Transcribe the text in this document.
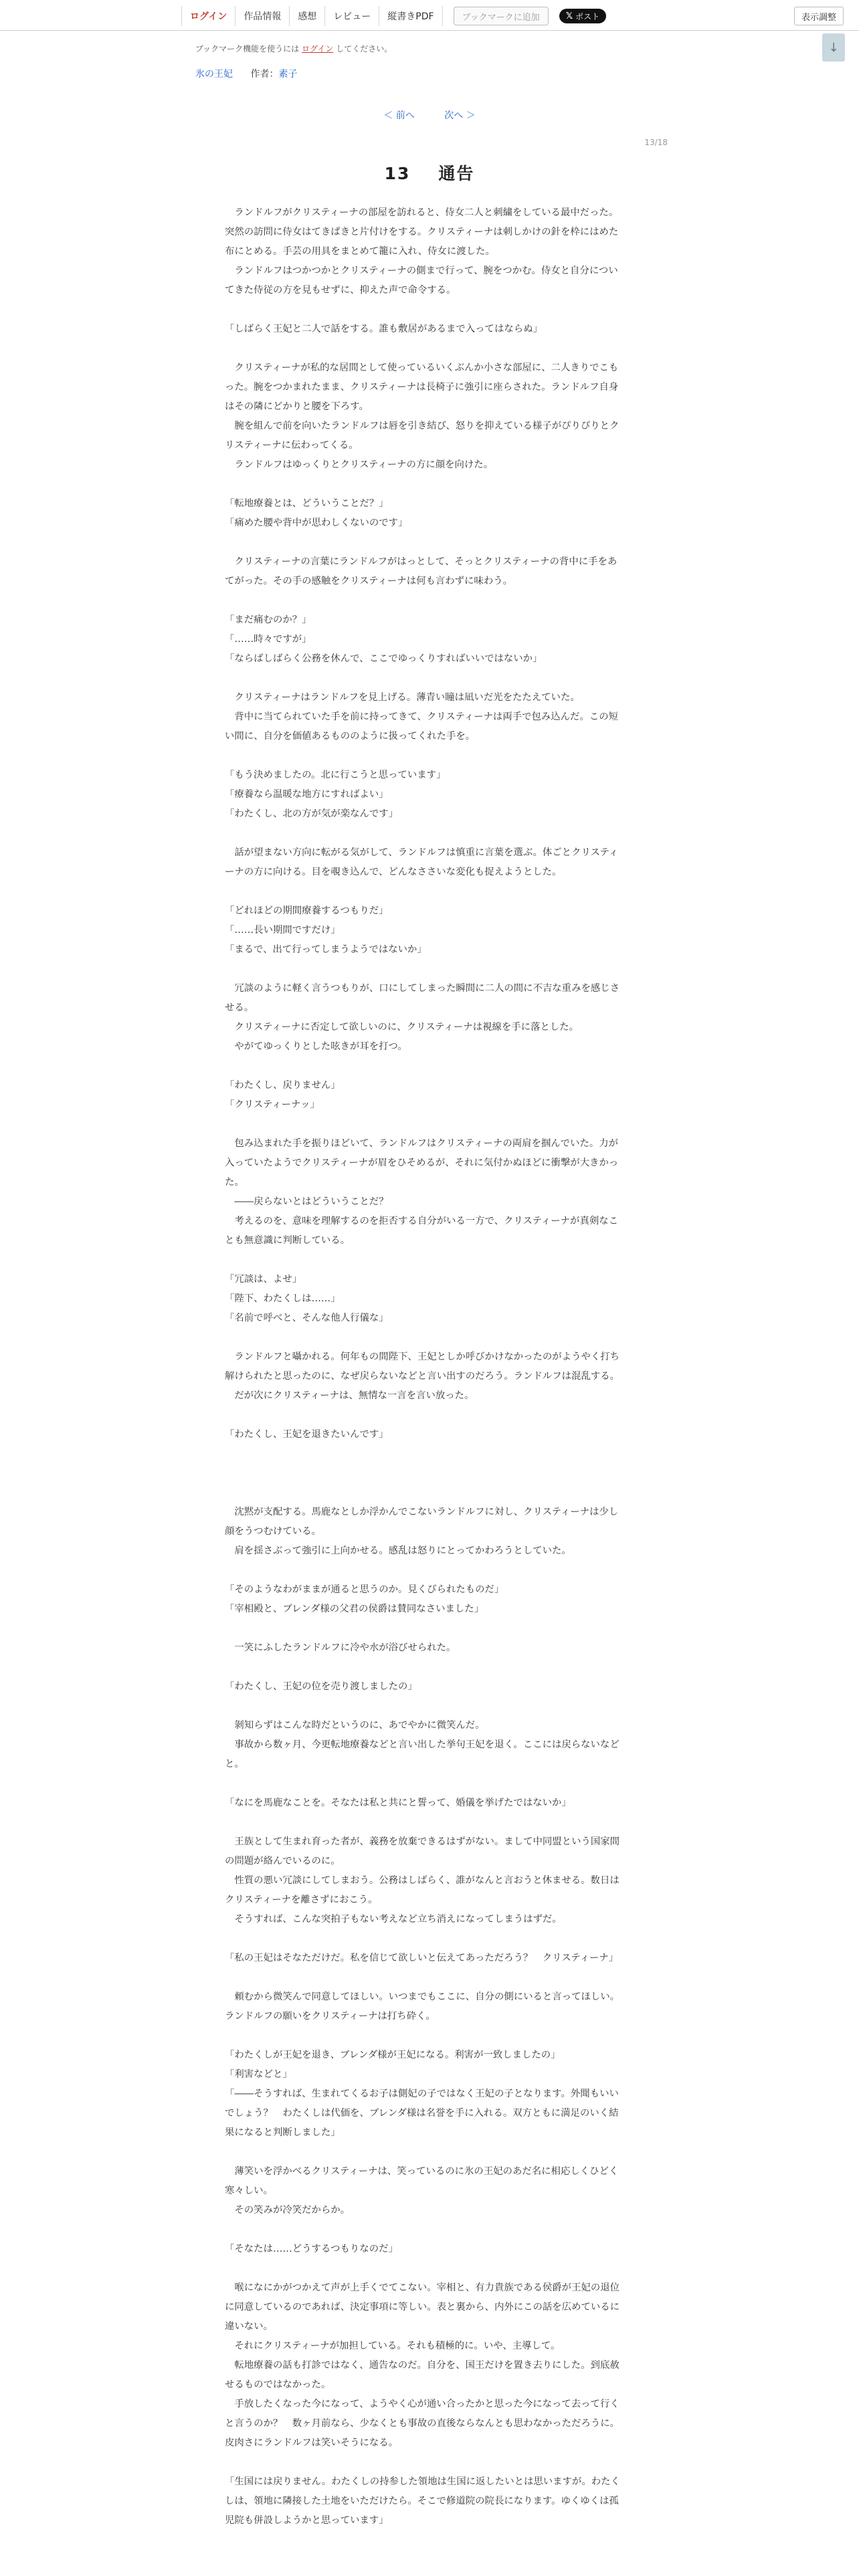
ログイン	作品情報	感想	レビュー	縦書きPDF	ブックマークに追加	𝕏 ポスト	表示調整
ブックマーク機能を使うには ログイン してください。	↓
氷の王妃 作者：素子
＜ 前へ	次へ ＞
13/18
13 通告

　ランドルフがクリスティーナの部屋を訪れると、侍女二人と刺繍をしている最中だった。突然の訪問に侍女はてきぱきと片付けをする。クリスティーナは刺しかけの針を枠にはめた布にとめる。手芸の用具をまとめて籠に入れ、侍女に渡した。

　ランドルフはつかつかとクリスティーナの側まで行って、腕をつかむ。侍女と自分についてきた侍従の方を見もせずに、抑えた声で命令する。

「しばらく王妃と二人で話をする。誰も敷居があるまで入ってはならぬ」

　クリスティーナが私的な居間として使っているいくぶんか小さな部屋に、二人きりでこもった。腕をつかまれたまま、クリスティーナは長椅子に強引に座らされた。ランドルフ自身はその隣にどかりと腰を下ろす。

　腕を組んで前を向いたランドルフは唇を引き結び、怒りを抑えている様子がぴりぴりとクリスティーナに伝わってくる。

　ランドルフはゆっくりとクリスティーナの方に顔を向けた。

「転地療養とは、どういうことだ？」

「痛めた腰や背中が思わしくないのです」

　クリスティーナの言葉にランドルフがはっとして、そっとクリスティーナの背中に手をあてがった。その手の感触をクリスティーナは何も言わずに味わう。

「まだ痛むのか？」

「……時々ですが」

「ならばしばらく公務を休んで、ここでゆっくりすればいいではないか」

　クリスティーナはランドルフを見上げる。薄青い瞳は凪いだ光をたたえていた。

　背中に当てられていた手を前に持ってきて、クリスティーナは両手で包み込んだ。この短い間に、自分を価値あるもののように扱ってくれた手を。

「もう決めましたの。北に行こうと思っています」

「療養なら温暖な地方にすればよい」

「わたくし、北の方が気が楽なんです」

　話が望まない方向に転がる気がして、ランドルフは慎重に言葉を選ぶ。体ごとクリスティーナの方に向ける。目を覗き込んで、どんなささいな変化も捉えようとした。

「どれほどの期間療養するつもりだ」

「……長い期間ですだけ」

「まるで、出て行ってしまうようではないか」

　冗談のように軽く言うつもりが、口にしてしまった瞬間に二人の間に不吉な重みを感じさせる。

　クリスティーナに否定して欲しいのに、クリスティーナは視線を手に落とした。

　やがてゆっくりとした呟きが耳を打つ。

「わたくし、戻りません」

「クリスティーナッ」

　包み込まれた手を振りほどいて、ランドルフはクリスティーナの両肩を掴んでいた。力が入っていたようでクリスティーナが眉をひそめるが、それに気付かぬほどに衝撃が大きかった。

　――戻らないとはどういうことだ？

　考えるのを、意味を理解するのを拒否する自分がいる一方で、クリスティーナが真剣なことも無意識に判断している。

「冗談は、よせ」

「陛下、わたくしは……」

「名前で呼べと、そんな他人行儀な」

　ランドルフと囁かれる。何年もの間陛下、王妃としか呼びかけなかったのがようやく打ち解けられたと思ったのに、なぜ戻らないなどと言い出すのだろう。ランドルフは混乱する。

　だが次にクリスティーナは、無情な一言を言い放った。

「わたくし、王妃を退きたいんです」

　沈黙が支配する。馬鹿なとしか浮かんでこないランドルフに対し、クリスティーナは少し顔をうつむけている。

　肩を揺さぶって強引に上向かせる。感乱は怒りにとってかわろうとしていた。

「そのようなわがままが通ると思うのか。見くびられたものだ」

「宰相殿と、ブレンダ様の父君の侯爵は賛同なさいました」

　一笑にふしたランドルフに冷や水が浴びせられた。

「わたくし、王妃の位を売り渡しましたの」

　剝知らずはこんな時だというのに、あでやかに微笑んだ。

　事故から数ヶ月、今更転地療養などと言い出した挙句王妃を退く。ここには戻らないなどと。

「なにを馬鹿なことを。そなたは私と共にと誓って、婚儀を挙げたではないか」

　王族として生まれ育った者が、義務を放棄できるはずがない。まして中同盟という国家間の問題が絡んでいるのに。

　性質の悪い冗談にしてしまおう。公務はしばらく、誰がなんと言おうと休ませる。数日はクリスティーナを離さずにおこう。

　そうすれば、こんな突拍子もない考えなど立ち消えになってしまうはずだ。

「私の王妃はそなただけだ。私を信じて欲しいと伝えてあっただろう？　クリスティーナ」

　頼むから微笑んで同意してほしい。いつまでもここに、自分の側にいると言ってほしい。ランドルフの願いをクリスティーナは打ち砕く。

「わたくしが王妃を退き、ブレンダ様が王妃になる。利害が一致しましたの」

「利害などと」

「――そうすれば、生まれてくるお子は側妃の子ではなく王妃の子となります。外聞もいいでしょう？　わたくしは代価を、ブレンダ様は名誉を手に入れる。双方ともに満足のいく結果になると判断しました」

　薄笑いを浮かべるクリスティーナは、笑っているのに氷の王妃のあだ名に相応しくひどく寒々しい。

　その笑みが冷笑だからか。

「そなたは……どうするつもりなのだ」

　喉になにかがつかえて声が上手くでてこない。宰相と、有力貴族である侯爵が王妃の退位に同意しているのであれば、決定事項に等しい。表と裏から、内外にこの話を広めているに違いない。

　それにクリスティーナが加担している。それも積極的に。いや、主導して。

　転地療養の話も打診ではなく、通告なのだ。自分を、国王だけを置き去りにした。到底赦せるものではなかった。

　手放したくなった今になって、ようやく心が通い合ったかと思った今になって去って行くと言うのか？　数ヶ月前なら、少なくとも事故の直後ならなんとも思わなかっただろうに。皮肉さにランドルフは笑いそうになる。

「生国には戻りません。わたくしの持参した領地は生国に返したいとは思いますが。わたくしは、領地に隣接した土地をいただけたら。そこで修道院の院長になります。ゆくゆくは孤児院も併設しようかと思っています」
